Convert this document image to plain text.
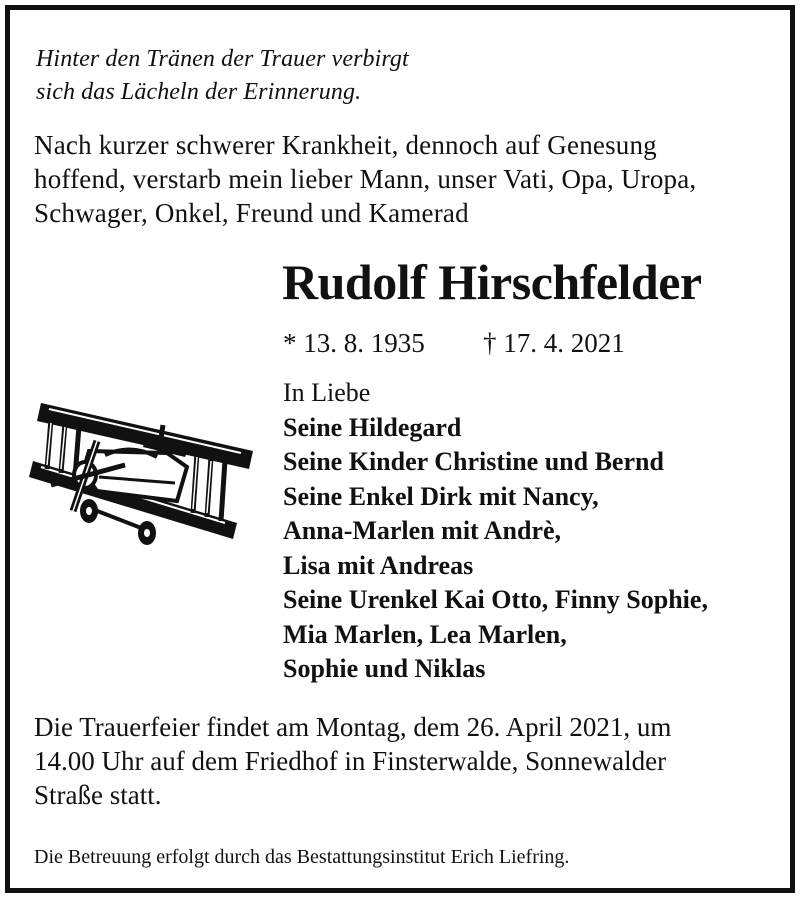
Hinter den Tränen der Trauer verbirgt
sich das Lächeln der Erinnerung.
Nach kurzer schwerer Krankheit, dennoch auf Genesung
hoffend, verstarb mein lieber Mann, unser Vati, Opa, Uropa,
Schwager, Onkel, Freund und Kamerad
Rudolf Hirschfelder
* 13. 8. 1935 † 17. 4. 2021
In Liebe
Seine Hildegard
Seine Kinder Christine und Bernd
Seine Enkel Dirk mit Nancy,
Anna-Marlen mit Andrè,
Lisa mit Andreas
Seine Urenkel Kai Otto, Finny Sophie,
Mia Marlen, Lea Marlen,
Sophie und Niklas
Die Trauerfeier findet am Montag, dem 26. April 2021, um
14.00 Uhr auf dem Friedhof in Finsterwalde, Sonnewalder
Straße statt.
Die Betreuung erfolgt durch das Bestattungsinstitut Erich Liefring.
